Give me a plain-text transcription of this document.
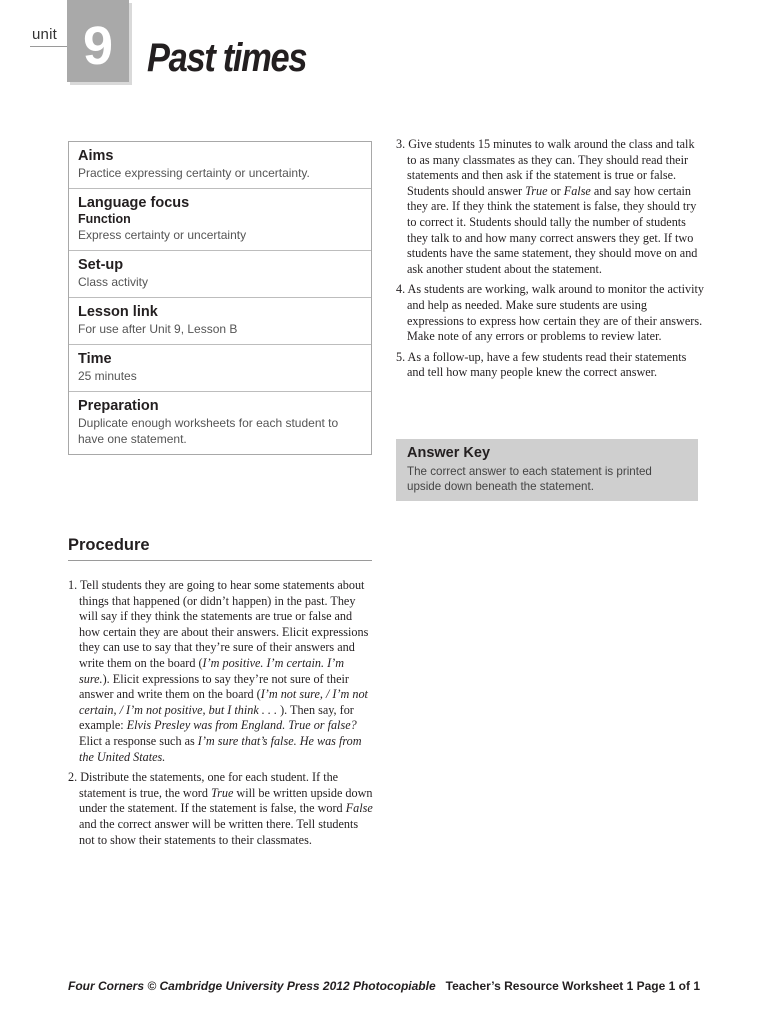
unit 9 Past times
Aims
Practice expressing certainty or uncertainty.
Language focus
Function
Express certainty or uncertainty
Set-up
Class activity
Lesson link
For use after Unit 9, Lesson B
Time
25 minutes
Preparation
Duplicate enough worksheets for each student to have one statement.
Procedure
1. Tell students they are going to hear some statements about things that happened (or didn’t happen) in the past. They will say if they think the statements are true or false and how certain they are about their answers. Elicit expressions they can use to say that they’re sure of their answers and write them on the board (I’m positive. I’m certain. I’m sure.). Elicit expressions to say they’re not sure of their answer and write them on the board (I’m not sure, / I’m not certain, / I’m not positive, but I think . . . ). Then say, for example: Elvis Presley was from England. True or false? Elict a response such as I’m sure that’s false. He was from the United States.
2. Distribute the statements, one for each student. If the statement is true, the word True will be written upside down under the statement. If the statement is false, the word False and the correct answer will be written there. Tell students not to show their statements to their classmates.
3. Give students 15 minutes to walk around the class and talk to as many classmates as they can. They should read their statements and then ask if the statement is true or false. Students should answer True or False and say how certain they are. If they think the statement is false, they should try to correct it. Students should tally the number of students they talk to and how many correct answers they get. If two students have the same statement, they should move on and ask another student about the statement.
4. As students are working, walk around to monitor the activity and help as needed. Make sure students are using expressions to express how certain they are of their answers. Make note of any errors or problems to review later.
5. As a follow-up, have a few students read their statements and tell how many people knew the correct answer.
Answer Key
The correct answer to each statement is printed upside down beneath the statement.
Four Corners © Cambridge University Press 2012 Photocopiable Teacher’s Resource Worksheet 1 Page 1 of 1
